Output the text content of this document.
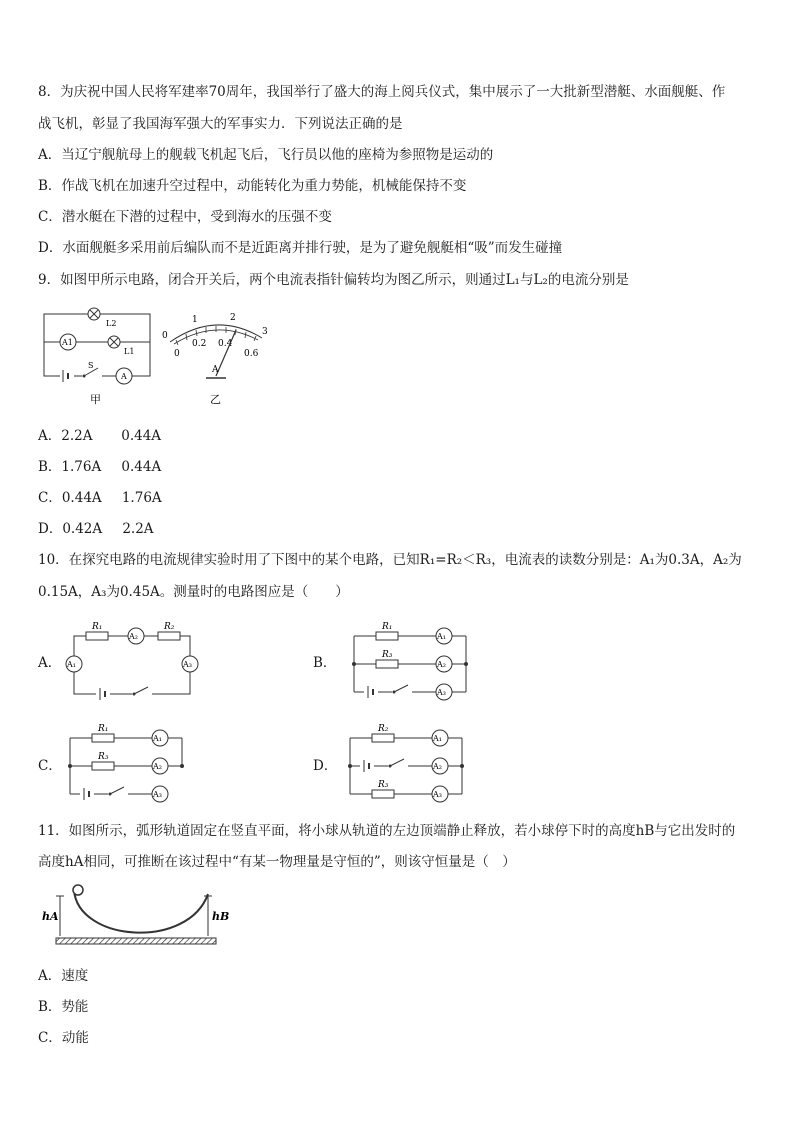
8．为庆祝中国人民将军建率70周年，我国举行了盛大的海上阅兵仪式，集中展示了一大批新型潜艇、水面舰艇、作
战飞机，彰显了我国海军强大的军事实力．下列说法正确的是
A．当辽宁舰航母上的舰载飞机起飞后，飞行员以他的座椅为参照物是运动的
B．作战飞机在加速升空过程中，动能转化为重力势能，机械能保持不变
C．潜水艇在下潜的过程中，受到海水的压强不变
D．水面舰艇多采用前后编队而不是近距离并排行驶，是为了避免舰艇相“吸”而发生碰撞
9．如图甲所示电路，闭合开关后，两个电流表指针偏转均为图乙所示，则通过L₁与L₂的电流分别是
L2
A1
L1
S
A
甲
0
1	2
3
0
0.2 0.4
0.6
A
乙
A．2.2A 0.44A
B．1.76A 0.44A
C．0.44A 1.76A
D．0.42A 2.2A
10．在探究电路的电流规律实验时用了下图中的某个电路，已知R₁=R₂＜R₃，电流表的读数分别是：A₁为0.3A，A₂为
0.15A，A₃为0.45A。测量时的电路图应是（　　）
A．
R₁
A₂
R₂
A₁	A₃	B．
R₁
R₃
A₁
A₂
A₃
C．
R₁
R₃
A₁
A₂
A₃
D．
R₂
R₃
A₁
A₂
A₃
11．如图所示，弧形轨道固定在竖直平面，将小球从轨道的左边顶端静止释放，若小球停下时的高度hB与它出发时的
高度hA相同，可推断在该过程中“有某一物理量是守恒的”，则该守恒量是（　）
hA	hB
A．速度
B．势能
C．动能
